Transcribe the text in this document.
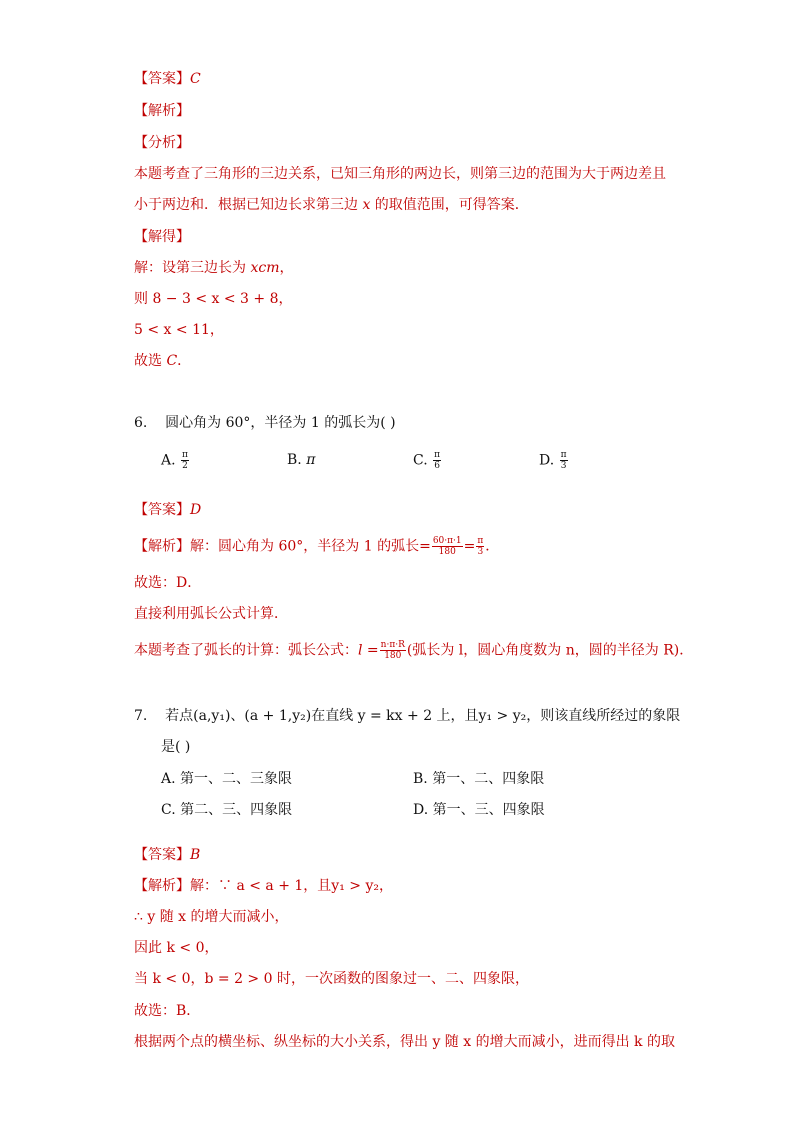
【答案】C
【解析】
【分析】
本题考查了三角形的三边关系，已知三角形的两边长，则第三边的范围为大于两边差且
小于两边和．根据已知边长求第三边 x 的取值范围，可得答案．
【解得】
解：设第三边长为 xcm，
则 8 − 3 < x < 3 + 8，
5 < x < 11，
故选 C．
6. 圆心角为 60°，半径为 1 的弧长为( )
A. $\frac{\pi}{2}$	B. π	C. $\frac{\pi}{6}$	D. $\frac{\pi}{3}$
【答案】D
【解析】解：圆心角为 60°，半径为 1 的弧长= $\frac{60\cdot\pi\cdot 1}{180} = \frac{\pi}{3}$ ．
故选：D．
直接利用弧长公式计算．
本题考查了弧长的计算：弧长公式：$l = \frac{n\cdot\pi\cdot R}{180}$ (弧长为 l，圆心角度数为 n，圆的半径为 R)．
7. 若点(a,y₁)、(a + 1,y₂)在直线 y = kx + 2 上，且y₁ > y₂，则该直线所经过的象限
是( )
A. 第一、二、三象限	B. 第一、二、四象限
C. 第二、三、四象限	D. 第一、三、四象限
【答案】B
【解析】解：∵ a < a + 1，且y₁ > y₂，
∴ y 随 x 的增大而减小，
因此 k < 0，
当 k < 0，b = 2 > 0 时，一次函数的图象过一、二、四象限，
故选：B．
根据两个点的横坐标、纵坐标的大小关系，得出 y 随 x 的增大而减小，进而得出 k 的取
